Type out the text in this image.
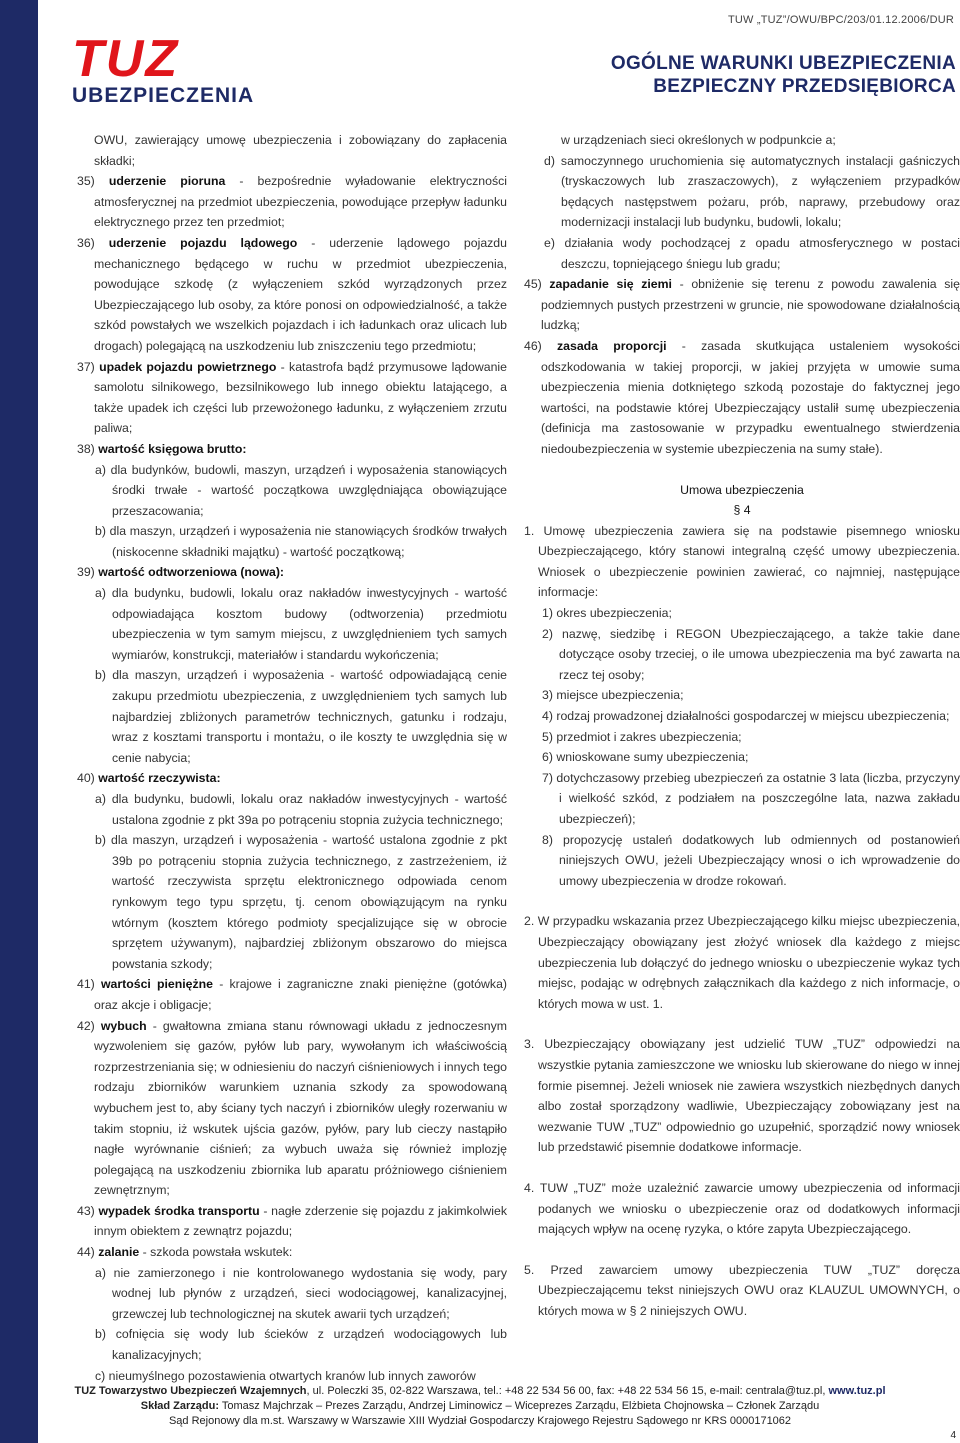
TUZ
UBEZPIECZENIA
TUW „TUZ”/OWU/BPC/203/01.12.2006/DUR
OGÓLNE WARUNKI UBEZPIECZENIA
BEZPIECZNY PRZEDSIĘBIORCA
OWU, zawierający umowę ubezpieczenia i zobowiązany do zapłacenia składki;
35) uderzenie pioruna - bezpośrednie wyładowanie elektryczności atmosferycznej na przedmiot ubezpieczenia, powodujące przepływ ładunku elektrycznego przez ten przedmiot;
36) uderzenie pojazdu lądowego - uderzenie lądowego pojazdu mechanicznego będącego w ruchu w przedmiot ubezpieczenia, powodujące szkodę (z wyłączeniem szkód wyrządzonych przez Ubezpieczającego lub osoby, za które ponosi on odpowiedzialność, a także szkód powstałych we wszelkich pojazdach i ich ładunkach oraz ulicach lub drogach) polegającą na uszkodzeniu lub zniszczeniu tego przedmiotu;
37) upadek pojazdu powietrznego - katastrofa bądź przymusowe lądowanie samolotu silnikowego, bezsilnikowego lub innego obiektu latającego, a także upadek ich części lub przewożonego ładunku, z wyłączeniem zrzutu paliwa;
38) wartość księgowa brutto:
a) dla budynków, budowli, maszyn, urządzeń i wyposażenia stanowiących środki trwałe - wartość początkowa uwzględniająca obowiązujące przeszacowania;
b) dla maszyn, urządzeń i wyposażenia nie stanowiących środków trwałych (niskocenne składniki majątku) - wartość początkową;
39) wartość odtworzeniowa (nowa):
a) dla budynku, budowli, lokalu oraz nakładów inwestycyjnych - wartość odpowiadająca kosztom budowy (odtworzenia) przedmiotu ubezpieczenia w tym samym miejscu, z uwzględnieniem tych samych wymiarów, konstrukcji, materiałów i standardu wykończenia;
b) dla maszyn, urządzeń i wyposażenia - wartość odpowiadającą cenie zakupu przedmiotu ubezpieczenia, z uwzględnieniem tych samych lub najbardziej zbliżonych parametrów technicznych, gatunku i rodzaju, wraz z kosztami transportu i montażu, o ile koszty te uwzględnia się w cenie nabycia;
40) wartość rzeczywista:
a) dla budynku, budowli, lokalu oraz nakładów inwestycyjnych - wartość ustalona zgodnie z pkt 39a po potrąceniu stopnia zużycia technicznego;
b) dla maszyn, urządzeń i wyposażenia - wartość ustalona zgodnie z pkt 39b po potrąceniu stopnia zużycia technicznego, z zastrzeżeniem, iż wartość rzeczywista sprzętu elektronicznego odpowiada cenom rynkowym tego typu sprzętu, tj. cenom obowiązującym na rynku wtórnym (kosztem którego podmioty specjalizujące się w obrocie sprzętem używanym), najbardziej zbliżonym obszarowo do miejsca powstania szkody;
41) wartości pieniężne - krajowe i zagraniczne znaki pieniężne (gotówka) oraz akcje i obligacje;
42) wybuch - gwałtowna zmiana stanu równowagi układu z jednoczesnym wyzwoleniem się gazów, pyłów lub pary, wywołanym ich właściwością rozprzestrzeniania się; w odniesieniu do naczyń ciśnieniowych i innych tego rodzaju zbiorników warunkiem uznania szkody za spowodowaną wybuchem jest to, aby ściany tych naczyń i zbiorników uległy rozerwaniu w takim stopniu, iż wskutek ujścia gazów, pyłów, pary lub cieczy nastąpiło nagłe wyrównanie ciśnień; za wybuch uważa się również implozję polegającą na uszkodzeniu zbiornika lub aparatu próżniowego ciśnieniem zewnętrznym;
43) wypadek środka transportu - nagłe zderzenie się pojazdu z jakimkolwiek innym obiektem z zewnątrz pojazdu;
44) zalanie - szkoda powstała wskutek:
a) nie zamierzonego i nie kontrolowanego wydostania się wody, pary wodnej lub płynów z urządzeń, sieci wodociągowej, kanalizacyjnej, grzewczej lub technologicznej na skutek awarii tych urządzeń;
b) cofnięcia się wody lub ścieków z urządzeń wodociągowych lub kanalizacyjnych;
c) nieumyślnego pozostawienia otwartych kranów lub innych zaworów
w urządzeniach sieci określonych w podpunkcie a;
d) samoczynnego uruchomienia się automatycznych instalacji gaśniczych (tryskaczowych lub zraszaczowych), z wyłączeniem przypadków będących następstwem pożaru, prób, naprawy, przebudowy oraz modernizacji instalacji lub budynku, budowli, lokalu;
e) działania wody pochodzącej z opadu atmosferycznego w postaci deszczu, topniejącego śniegu lub gradu;
45) zapadanie się ziemi - obniżenie się terenu z powodu zawalenia się podziemnych pustych przestrzeni w gruncie, nie spowodowane działalnością ludzką;
46) zasada proporcji - zasada skutkująca ustaleniem wysokości odszkodowania w takiej proporcji, w jakiej przyjęta w umowie suma ubezpieczenia mienia dotkniętego szkodą pozostaje do faktycznej jego wartości, na podstawie której Ubezpieczający ustalił sumę ubezpieczenia (definicja ma zastosowanie w przypadku ewentualnego stwierdzenia niedoubezpieczenia w systemie ubezpieczenia na sumy stałe).
Umowa ubezpieczenia
§ 4
1. Umowę ubezpieczenia zawiera się na podstawie pisemnego wniosku Ubezpieczającego, który stanowi integralną część umowy ubezpieczenia. Wniosek o ubezpieczenie powinien zawierać, co najmniej, następujące informacje:
1) okres ubezpieczenia;
2) nazwę, siedzibę i REGON Ubezpieczającego, a także takie dane dotyczące osoby trzeciej, o ile umowa ubezpieczenia ma być zawarta na rzecz tej osoby;
3) miejsce ubezpieczenia;
4) rodzaj prowadzonej działalności gospodarczej w miejscu ubezpieczenia;
5) przedmiot i zakres ubezpieczenia;
6) wnioskowane sumy ubezpieczenia;
7) dotychczasowy przebieg ubezpieczeń za ostatnie 3 lata (liczba, przyczyny i wielkość szkód, z podziałem na poszczególne lata, nazwa zakładu ubezpieczeń);
8) propozycję ustaleń dodatkowych lub odmiennych od postanowień niniejszych OWU, jeżeli Ubezpieczający wnosi o ich wprowadzenie do umowy ubezpieczenia w drodze rokowań.
2. W przypadku wskazania przez Ubezpieczającego kilku miejsc ubezpieczenia, Ubezpieczający obowiązany jest złożyć wniosek dla każdego z miejsc ubezpieczenia lub dołączyć do jednego wniosku o ubezpieczenie wykaz tych miejsc, podając w odrębnych załącznikach dla każdego z nich informacje, o których mowa w ust. 1.
3. Ubezpieczający obowiązany jest udzielić TUW „TUZ” odpowiedzi na wszystkie pytania zamieszczone we wniosku lub skierowane do niego w innej formie pisemnej. Jeżeli wniosek nie zawiera wszystkich niezbędnych danych albo został sporządzony wadliwie, Ubezpieczający zobowiązany jest na wezwanie TUW „TUZ” odpowiednio go uzupełnić, sporządzić nowy wniosek lub przedstawić pisemnie dodatkowe informacje.
4. TUW „TUZ” może uzależnić zawarcie umowy ubezpieczenia od informacji podanych we wniosku o ubezpieczenie oraz od dodatkowych informacji mających wpływ na ocenę ryzyka, o które zapyta Ubezpieczającego.
5. Przed zawarciem umowy ubezpieczenia TUW „TUZ” doręcza Ubezpieczającemu tekst niniejszych OWU oraz KLAUZUL UMOWNYCH, o których mowa w § 2 niniejszych OWU.
TUZ Towarzystwo Ubezpieczeń Wzajemnych, ul. Poleczki 35, 02-822 Warszawa, tel.: +48 22 534 56 00, fax: +48 22 534 56 15, e-mail: centrala@tuz.pl, www.tuz.pl
Skład Zarządu: Tomasz Majchrzak – Prezes Zarządu, Andrzej Liminowicz – Wiceprezes Zarządu, Elżbieta Chojnowska – Członek Zarządu
Sąd Rejonowy dla m.st. Warszawy w Warszawie XIII Wydział Gospodarczy Krajowego Rejestru Sądowego nr KRS 0000171062
4
